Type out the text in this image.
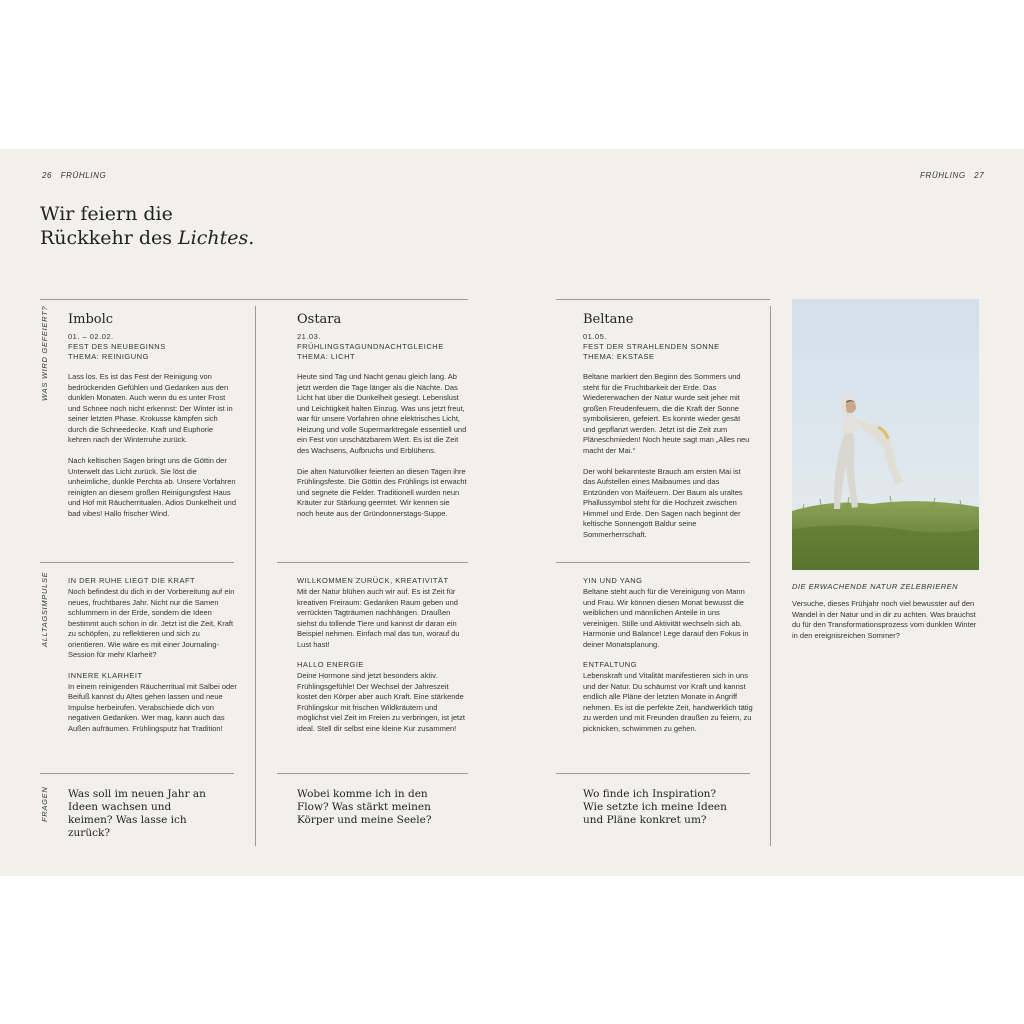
26 FRÜHLING	FRÜHLING 27
Wir feiern die
Rückkehr des Lichtes.
WAS WIRD GEFEIERT?
ALLTAGSIMPULSE
FRAGEN
Imbolc
01. – 02.02.
FEST DES NEUBEGINNS
THEMA: REINIGUNG

Lass los. Es ist das Fest der Reinigung von bedrückenden Gefühlen und Gedanken aus den dunklen Monaten. Auch wenn du es unter Frost und Schnee noch nicht erkennst: Der Winter ist in seiner letzten Phase. Krokusse kämpfen sich durch die Schneedecke. Kraft und Euphorie kehren nach der Winterruhe zurück.

Nach keltischen Sagen bringt uns die Göttin der Unterwelt das Licht zurück. Sie löst die unheimliche, dunkle Perchta ab. Unsere Vorfahren reinigten an diesem großen Reinigungsfest Haus und Hof mit Räucherritualen. Adios Dunkelheit und bad vibes! Hallo frischer Wind.

IN DER RUHE LIEGT DIE KRAFT
Noch befindest du dich in der Vorbereitung auf ein neues, fruchtbares Jahr. Nicht nur die Samen schlummern in der Erde, sondern die Ideen bestimmt auch schon in dir. Jetzt ist die Zeit, Kraft zu schöpfen, zu reflektieren und sich zu orientieren. Wie wäre es mit einer Journaling-Session für mehr Klarheit?
INNERE KLARHEIT
In einem reinigenden Räucherritual mit Salbei oder Beifuß kannst du Altes gehen lassen und neue Impulse herbeirufen. Verabschiede dich von negativen Gedanken. Wer mag, kann auch das Außen aufräumen. Frühlingsputz hat Tradition!
Was soll im neuen Jahr an Ideen wachsen und keimen? Was lasse ich zurück?
Ostara
21.03.
FRÜHLINGSTAGUNDNACHTGLEICHE
THEMA: LICHT

Heute sind Tag und Nacht genau gleich lang. Ab jetzt werden die Tage länger als die Nächte. Das Licht hat über die Dunkelheit gesiegt. Lebenslust und Leichtigkeit halten Einzug. Was uns jetzt freut, war für unsere Vorfahren ohne elektrisches Licht, Heizung und volle Supermarktregale essentiell und ein Fest von unschätzbarem Wert. Es ist die Zeit des Wachsens, Aufbruchs und Erblühens.

Die alten Naturvölker feierten an diesen Tagen ihre Frühlingsfeste. Die Göttin des Frühlings ist erwacht und segnete die Felder. Traditionell wurden neun Kräuter zur Stärkung geerntet. Wir kennen sie noch heute aus der Gründonnerstags-Suppe.

WILLKOMMEN ZURÜCK, KREATIVITÄT
Mit der Natur blühen auch wir auf. Es ist Zeit für kreativen Freiraum: Gedanken Raum geben und verrückten Tagträumen nachhängen. Draußen siehst du tollende Tiere und kannst dir daran ein Beispiel nehmen. Einfach mal das tun, worauf du Lust hast!
HALLO ENERGIE
Deine Hormone sind jetzt besonders aktiv. Frühlingsgefühle! Der Wechsel der Jahreszeit kostet den Körper aber auch Kraft. Eine stärkende Frühlingskur mit frischen Wildkräutern und möglichst viel Zeit im Freien zu verbringen, ist jetzt ideal. Stell dir selbst eine kleine Kur zusammen!
Wobei komme ich in den Flow? Was stärkt meinen Körper und meine Seele?
Beltane
01.05.
FEST DER STRAHLENDEN SONNE
THEMA: EKSTASE

Beltane markiert den Beginn des Sommers und steht für die Fruchtbarkeit der Erde. Das Wiedererwachen der Natur wurde seit jeher mit großen Freudenfeuern, die die Kraft der Sonne symbolisieren, gefeiert. Es konnte wieder gesät und gepflanzt werden. Jetzt ist die Zeit zum Pläneschmieden! Noch heute sagt man „Alles neu macht der Mai.“

Der wohl bekannteste Brauch am ersten Mai ist das Aufstellen eines Maibaumes und das Entzünden von Maifeuern. Der Baum als uraltes Phallussymbol steht für die Hochzeit zwischen Himmel und Erde. Den Sagen nach beginnt der keltische Sonnengott Baldur seine Sommerherrschaft.

YIN UND YANG
Beltane steht auch für die Vereinigung von Mann und Frau. Wir können diesen Monat bewusst die weiblichen und männlichen Anteile in uns vereinigen. Stille und Aktivität wechseln sich ab. Harmonie und Balance! Lege darauf den Fokus in deiner Monatsplanung.
ENTFALTUNG
Lebenskraft und Vitalität manifestieren sich in uns und der Natur. Du schäumst vor Kraft und kannst endlich alle Pläne der letzten Monate in Angriff nehmen. Es ist die perfekte Zeit, handwerklich tätig zu werden und mit Freunden draußen zu feiern, zu picknicken, schwimmen zu gehen.
Wo finde ich Inspiration? Wie setzte ich meine Ideen und Pläne konkret um?
DIE ERWACHENDE NATUR ZELEBRIEREN
Versuche, dieses Frühjahr noch viel bewusster auf den Wandel in der Natur und in dir zu achten. Was brauchst du für den Transformationsprozess vom dunklen Winter in den ereignisreichen Sommer?
